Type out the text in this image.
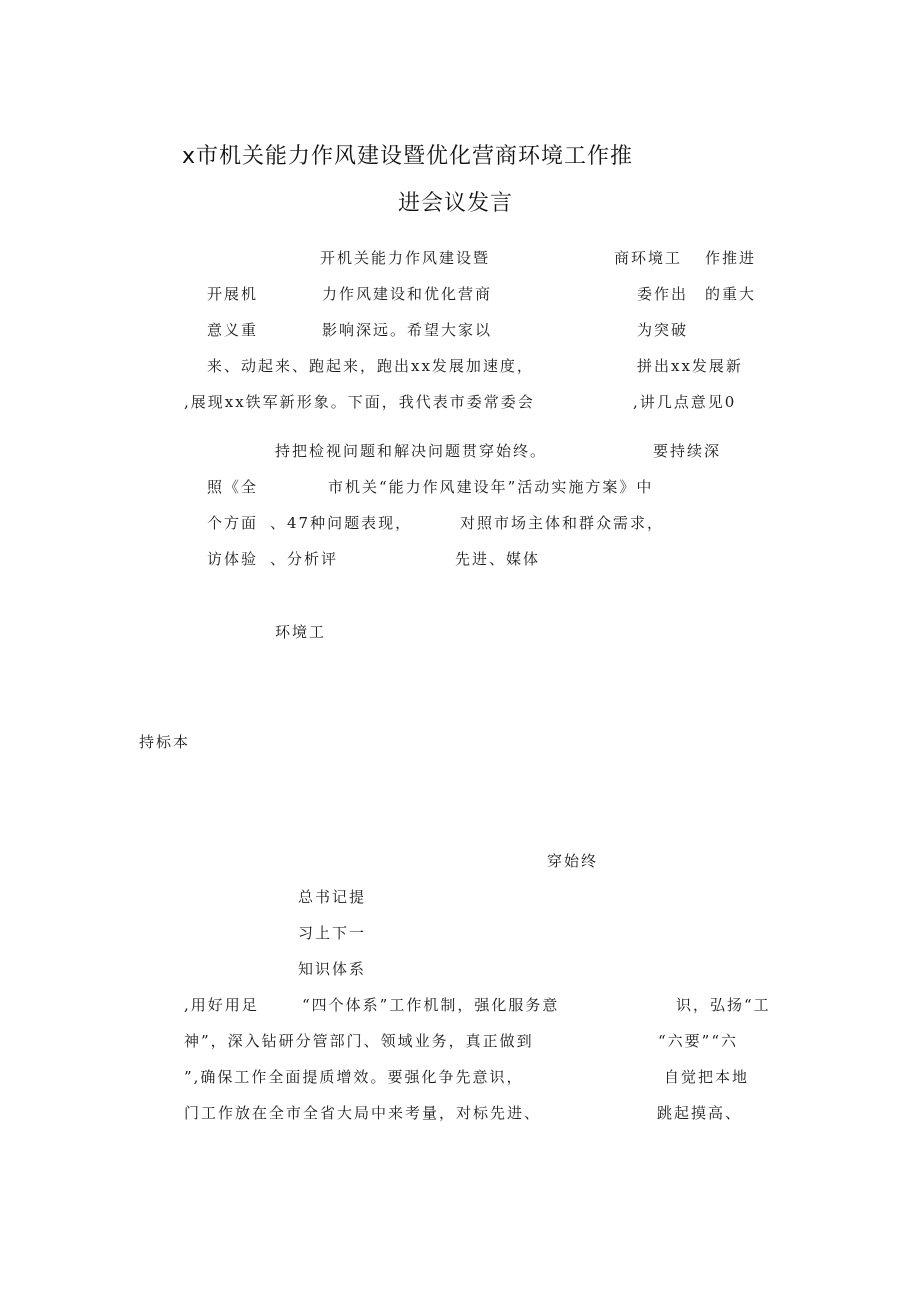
x市机关能力作风建设暨优化营商环境工作推
进会议发言
开机关能力作风建设暨	商环境工 作推进
开展机	力作风建设和优化营商	委作出 的重大
意义重	影响深远。希望大家以	为突破
来、动起来、跑起来，跑出xx发展加速度，	拼出xx发展新
,展现xx铁军新形象。下面，我代表市委常委会	,讲几点意见0
持把检视问题和解决问题贯穿始终。	要持续深
照《全	市机关“能力作风建设年”活动实施方案》中
个方面 、47种问题表现，	对照市场主体和群众需求，
访体验 、分析评	先进、媒体
环境工
持标本
穿始终
总书记提
习上下一
知识体系
,用好用足	“四个体系”工作机制，强化服务意	识，弘扬“工
神”，深入钻研分管部门、领域业务，真正做到	“六要”“六
”,确保工作全面提质增效。要强化争先意识，	自觉把本地
门工作放在全市全省大局中来考量，对标先进、	跳起摸高、
